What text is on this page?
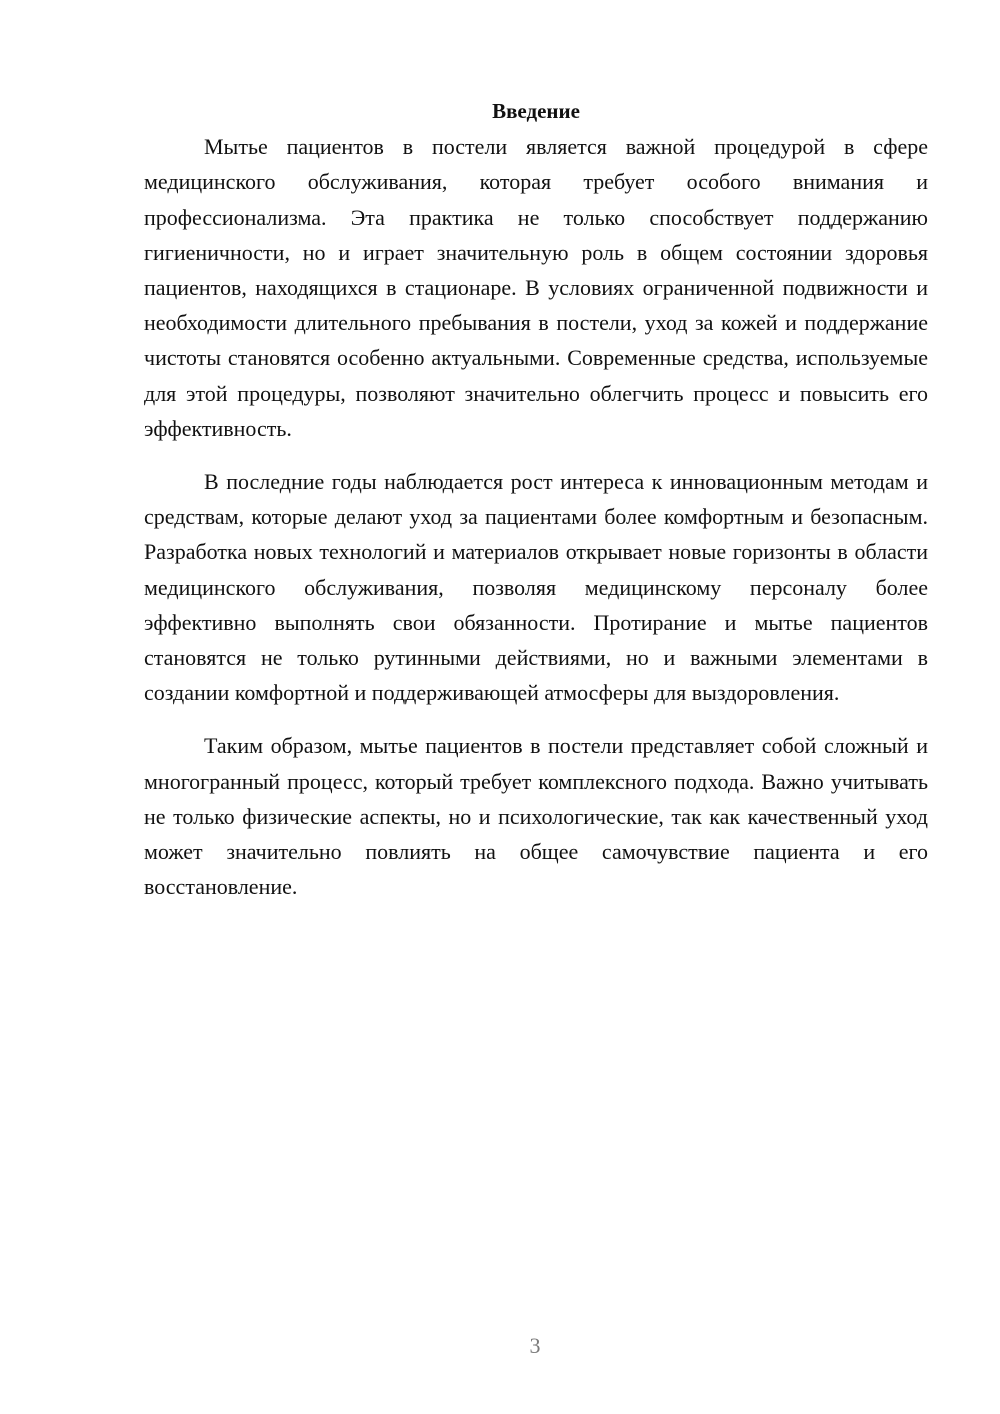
Введение

Мытье пациентов в постели является важной процедурой в сфере медицинского обслуживания, которая требует особого внимания и профессионализма. Эта практика не только способствует поддержанию гигиеничности, но и играет значительную роль в общем состоянии здоровья пациентов, находящихся в стационаре. В условиях ограниченной подвижности и необходимости длительного пребывания в постели, уход за кожей и поддержание чистоты становятся особенно актуальными. Современные средства, используемые для этой процедуры, позволяют значительно облегчить процесс и повысить его эффективность.

В последние годы наблюдается рост интереса к инновационным методам и средствам, которые делают уход за пациентами более комфортным и безопасным. Разработка новых технологий и материалов открывает новые горизонты в области медицинского обслуживания, позволяя медицинскому персоналу более эффективно выполнять свои обязанности. Протирание и мытье пациентов становятся не только рутинными действиями, но и важными элементами в создании комфортной и поддерживающей атмосферы для выздоровления.

Таким образом, мытье пациентов в постели представляет собой сложный и многогранный процесс, который требует комплексного подхода. Важно учитывать не только физические аспекты, но и психологические, так как качественный уход может значительно повлиять на общее самочувствие пациента и его восстановление.

3
